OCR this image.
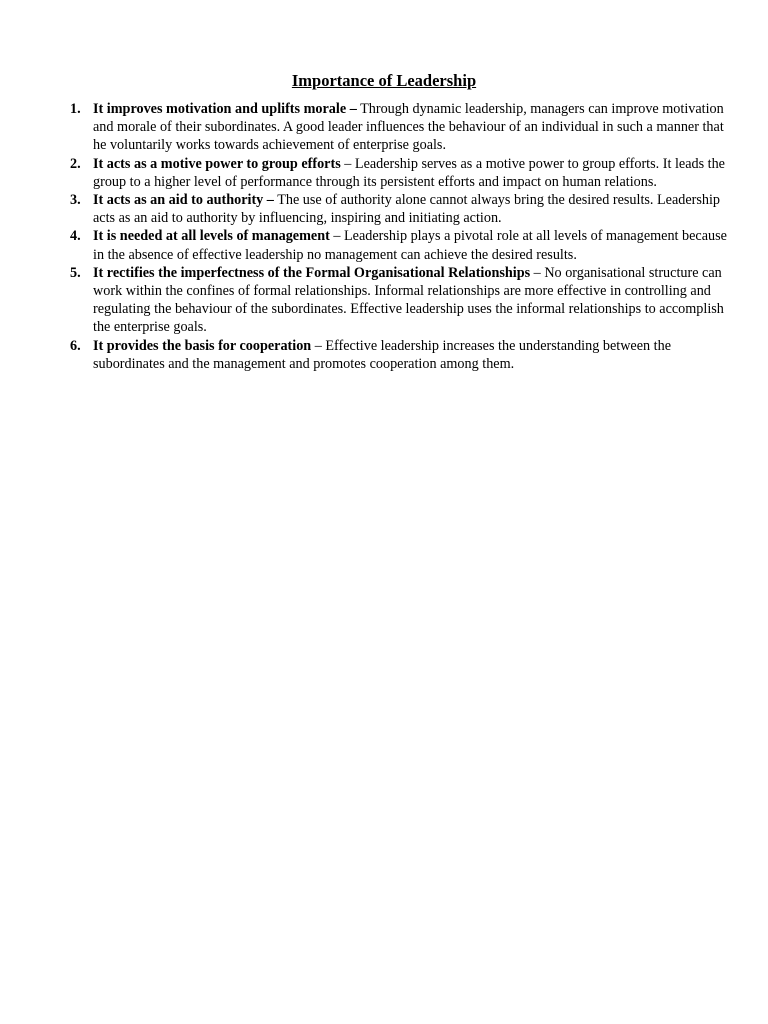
Importance of Leadership
1. It improves motivation and uplifts morale – Through dynamic leadership, managers can improve motivation and morale of their subordinates. A good leader influences the behaviour of an individual in such a manner that he voluntarily works towards achievement of enterprise goals.
2. It acts as a motive power to group efforts – Leadership serves as a motive power to group efforts. It leads the group to a higher level of performance through its persistent efforts and impact on human relations.
3. It acts as an aid to authority – The use of authority alone cannot always bring the desired results. Leadership acts as an aid to authority by influencing, inspiring and initiating action.
4. It is needed at all levels of management – Leadership plays a pivotal role at all levels of management because in the absence of effective leadership no management can achieve the desired results.
5. It rectifies the imperfectness of the Formal Organisational Relationships – No organisational structure can work within the confines of formal relationships. Informal relationships are more effective in controlling and regulating the behaviour of the subordinates. Effective leadership uses the informal relationships to accomplish the enterprise goals.
6. It provides the basis for cooperation – Effective leadership increases the understanding between the subordinates and the management and promotes cooperation among them.
